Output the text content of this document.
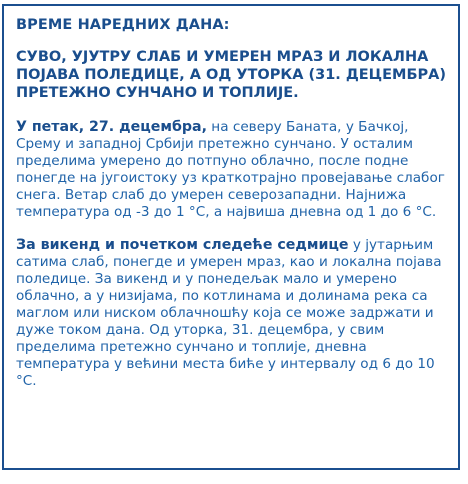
ВРЕМЕ НАРЕДНИХ ДАНА:
СУВО, УЈУТРУ СЛАБ И УМЕРЕН МРАЗ И ЛОКАЛНА ПОЈАВА ПОЛЕДИЦЕ, А ОД УТОРКА (31. ДЕЦЕМБРА) ПРЕТЕЖНО СУНЧАНО И ТОПЛИЈЕ.

У петак, 27. децембра, на северу Баната, у Бачкој, Срему и западној Србији претежно сунчано. У осталим пределима умерено до потпуно облачно, после подне понегде на југоистоку уз краткотрајно провејавање слабог снега. Ветар слаб до умерен северозападни. Најнижа температура од -3 до 1 °C, а највиша дневна од 1 до 6 °C.

За викенд и почетком следеће седмице у јутарњим сатима слаб, понегде и умерен мраз, као и локална појава поледице. За викенд и у понедељак мало и умерено облачно, а у низијама, по котлинама и долинама река са маглом или ниском облачношћу која се може задржати и дуже током дана. Од уторка, 31. децембра, у свим пределима претежно сунчано и топлије, дневна температура у већини места биће у интервалу од 6 до 10 °C.
